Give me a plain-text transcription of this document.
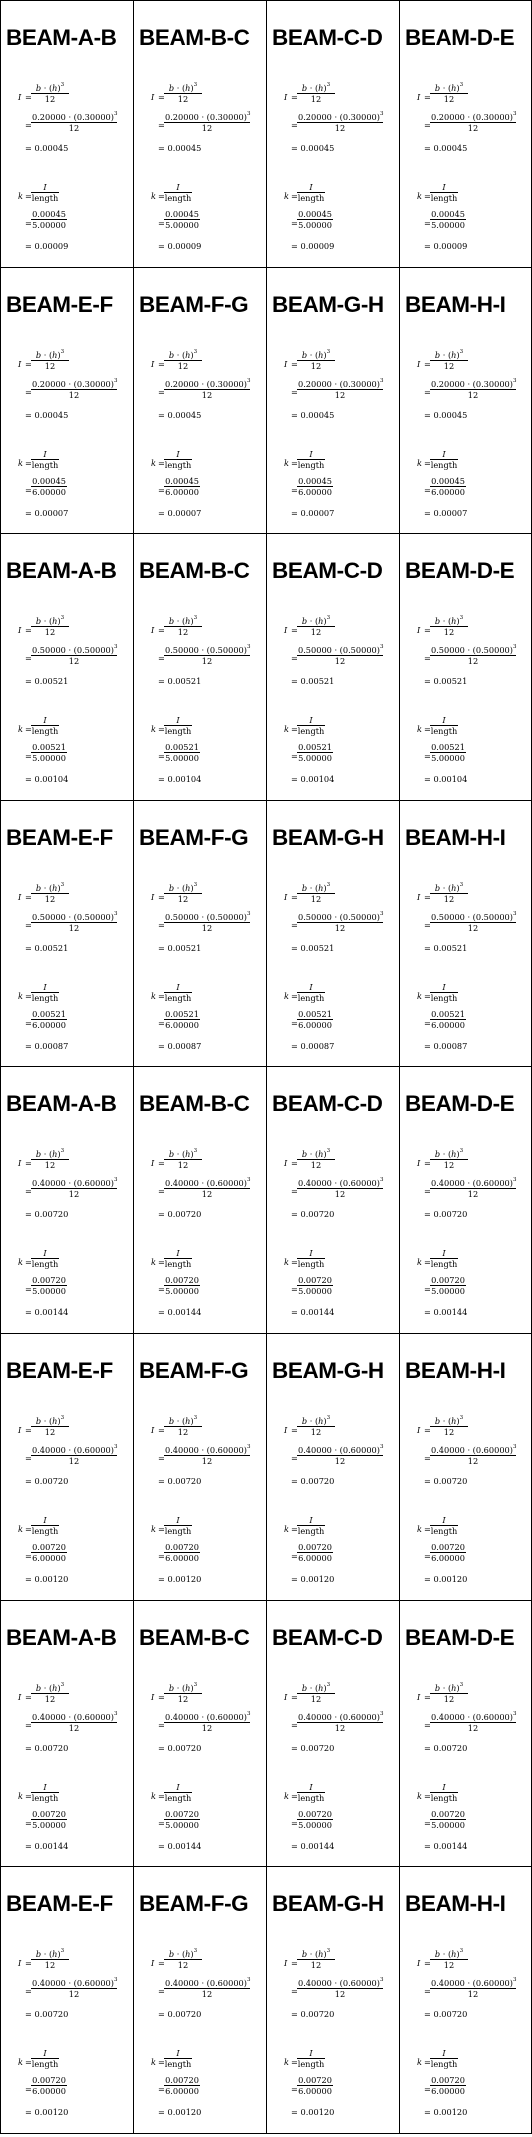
BEAM-A-B
I =
$b \cdot (h)^3$
12
=
$0.20000 \cdot (0.30000)^3$
12
= 0.00045
k =
I
length
=
0.00045
5.00000
= 0.00009
BEAM-B-C
I =
$b \cdot (h)^3$
12
=
$0.20000 \cdot (0.30000)^3$
12
= 0.00045
k =
I
length
=
0.00045
5.00000
= 0.00009
BEAM-C-D
I =
$b \cdot (h)^3$
12
=
$0.20000 \cdot (0.30000)^3$
12
= 0.00045
k =
I
length
=
0.00045
5.00000
= 0.00009
BEAM-D-E
I =
$b \cdot (h)^3$
12
=
$0.20000 \cdot (0.30000)^3$
12
= 0.00045
k =
I
length
=
0.00045
5.00000
= 0.00009
BEAM-E-F
I =
$b \cdot (h)^3$
12
=
$0.20000 \cdot (0.30000)^3$
12
= 0.00045
k =
I
length
=
0.00045
6.00000
= 0.00007
BEAM-F-G
I =
$b \cdot (h)^3$
12
=
$0.20000 \cdot (0.30000)^3$
12
= 0.00045
k =
I
length
=
0.00045
6.00000
= 0.00007
BEAM-G-H
I =
$b \cdot (h)^3$
12
=
$0.20000 \cdot (0.30000)^3$
12
= 0.00045
k =
I
length
=
0.00045
6.00000
= 0.00007
BEAM-H-I
I =
$b \cdot (h)^3$
12
=
$0.20000 \cdot (0.30000)^3$
12
= 0.00045
k =
I
length
=
0.00045
6.00000
= 0.00007
BEAM-A-B
I =
$b \cdot (h)^3$
12
=
$0.50000 \cdot (0.50000)^3$
12
= 0.00521
k =
I
length
=
0.00521
5.00000
= 0.00104
BEAM-B-C
I =
$b \cdot (h)^3$
12
=
$0.50000 \cdot (0.50000)^3$
12
= 0.00521
k =
I
length
=
0.00521
5.00000
= 0.00104
BEAM-C-D
I =
$b \cdot (h)^3$
12
=
$0.50000 \cdot (0.50000)^3$
12
= 0.00521
k =
I
length
=
0.00521
5.00000
= 0.00104
BEAM-D-E
I =
$b \cdot (h)^3$
12
=
$0.50000 \cdot (0.50000)^3$
12
= 0.00521
k =
I
length
=
0.00521
5.00000
= 0.00104
BEAM-E-F
I =
$b \cdot (h)^3$
12
=
$0.50000 \cdot (0.50000)^3$
12
= 0.00521
k =
I
length
=
0.00521
6.00000
= 0.00087
BEAM-F-G
I =
$b \cdot (h)^3$
12
=
$0.50000 \cdot (0.50000)^3$
12
= 0.00521
k =
I
length
=
0.00521
6.00000
= 0.00087
BEAM-G-H
I =
$b \cdot (h)^3$
12
=
$0.50000 \cdot (0.50000)^3$
12
= 0.00521
k =
I
length
=
0.00521
6.00000
= 0.00087
BEAM-H-I
I =
$b \cdot (h)^3$
12
=
$0.50000 \cdot (0.50000)^3$
12
= 0.00521
k =
I
length
=
0.00521
6.00000
= 0.00087
BEAM-A-B
I =
$b \cdot (h)^3$
12
=
$0.40000 \cdot (0.60000)^3$
12
= 0.00720
k =
I
length
=
0.00720
5.00000
= 0.00144
BEAM-B-C
I =
$b \cdot (h)^3$
12
=
$0.40000 \cdot (0.60000)^3$
12
= 0.00720
k =
I
length
=
0.00720
5.00000
= 0.00144
BEAM-C-D
I =
$b \cdot (h)^3$
12
=
$0.40000 \cdot (0.60000)^3$
12
= 0.00720
k =
I
length
=
0.00720
5.00000
= 0.00144
BEAM-D-E
I =
$b \cdot (h)^3$
12
=
$0.40000 \cdot (0.60000)^3$
12
= 0.00720
k =
I
length
=
0.00720
5.00000
= 0.00144
BEAM-E-F
I =
$b \cdot (h)^3$
12
=
$0.40000 \cdot (0.60000)^3$
12
= 0.00720
k =
I
length
=
0.00720
6.00000
= 0.00120
BEAM-F-G
I =
$b \cdot (h)^3$
12
=
$0.40000 \cdot (0.60000)^3$
12
= 0.00720
k =
I
length
=
0.00720
6.00000
= 0.00120
BEAM-G-H
I =
$b \cdot (h)^3$
12
=
$0.40000 \cdot (0.60000)^3$
12
= 0.00720
k =
I
length
=
0.00720
6.00000
= 0.00120
BEAM-H-I
I =
$b \cdot (h)^3$
12
=
$0.40000 \cdot (0.60000)^3$
12
= 0.00720
k =
I
length
=
0.00720
6.00000
= 0.00120
BEAM-A-B
I =
$b \cdot (h)^3$
12
=
$0.40000 \cdot (0.60000)^3$
12
= 0.00720
k =
I
length
=
0.00720
5.00000
= 0.00144
BEAM-B-C
I =
$b \cdot (h)^3$
12
=
$0.40000 \cdot (0.60000)^3$
12
= 0.00720
k =
I
length
=
0.00720
5.00000
= 0.00144
BEAM-C-D
I =
$b \cdot (h)^3$
12
=
$0.40000 \cdot (0.60000)^3$
12
= 0.00720
k =
I
length
=
0.00720
5.00000
= 0.00144
BEAM-D-E
I =
$b \cdot (h)^3$
12
=
$0.40000 \cdot (0.60000)^3$
12
= 0.00720
k =
I
length
=
0.00720
5.00000
= 0.00144
BEAM-E-F
I =
$b \cdot (h)^3$
12
=
$0.40000 \cdot (0.60000)^3$
12
= 0.00720
k =
I
length
=
0.00720
6.00000
= 0.00120
BEAM-F-G
I =
$b \cdot (h)^3$
12
=
$0.40000 \cdot (0.60000)^3$
12
= 0.00720
k =
I
length
=
0.00720
6.00000
= 0.00120
BEAM-G-H
I =
$b \cdot (h)^3$
12
=
$0.40000 \cdot (0.60000)^3$
12
= 0.00720
k =
I
length
=
0.00720
6.00000
= 0.00120
BEAM-H-I
I =
$b \cdot (h)^3$
12
=
$0.40000 \cdot (0.60000)^3$
12
= 0.00720
k =
I
length
=
0.00720
6.00000
= 0.00120
